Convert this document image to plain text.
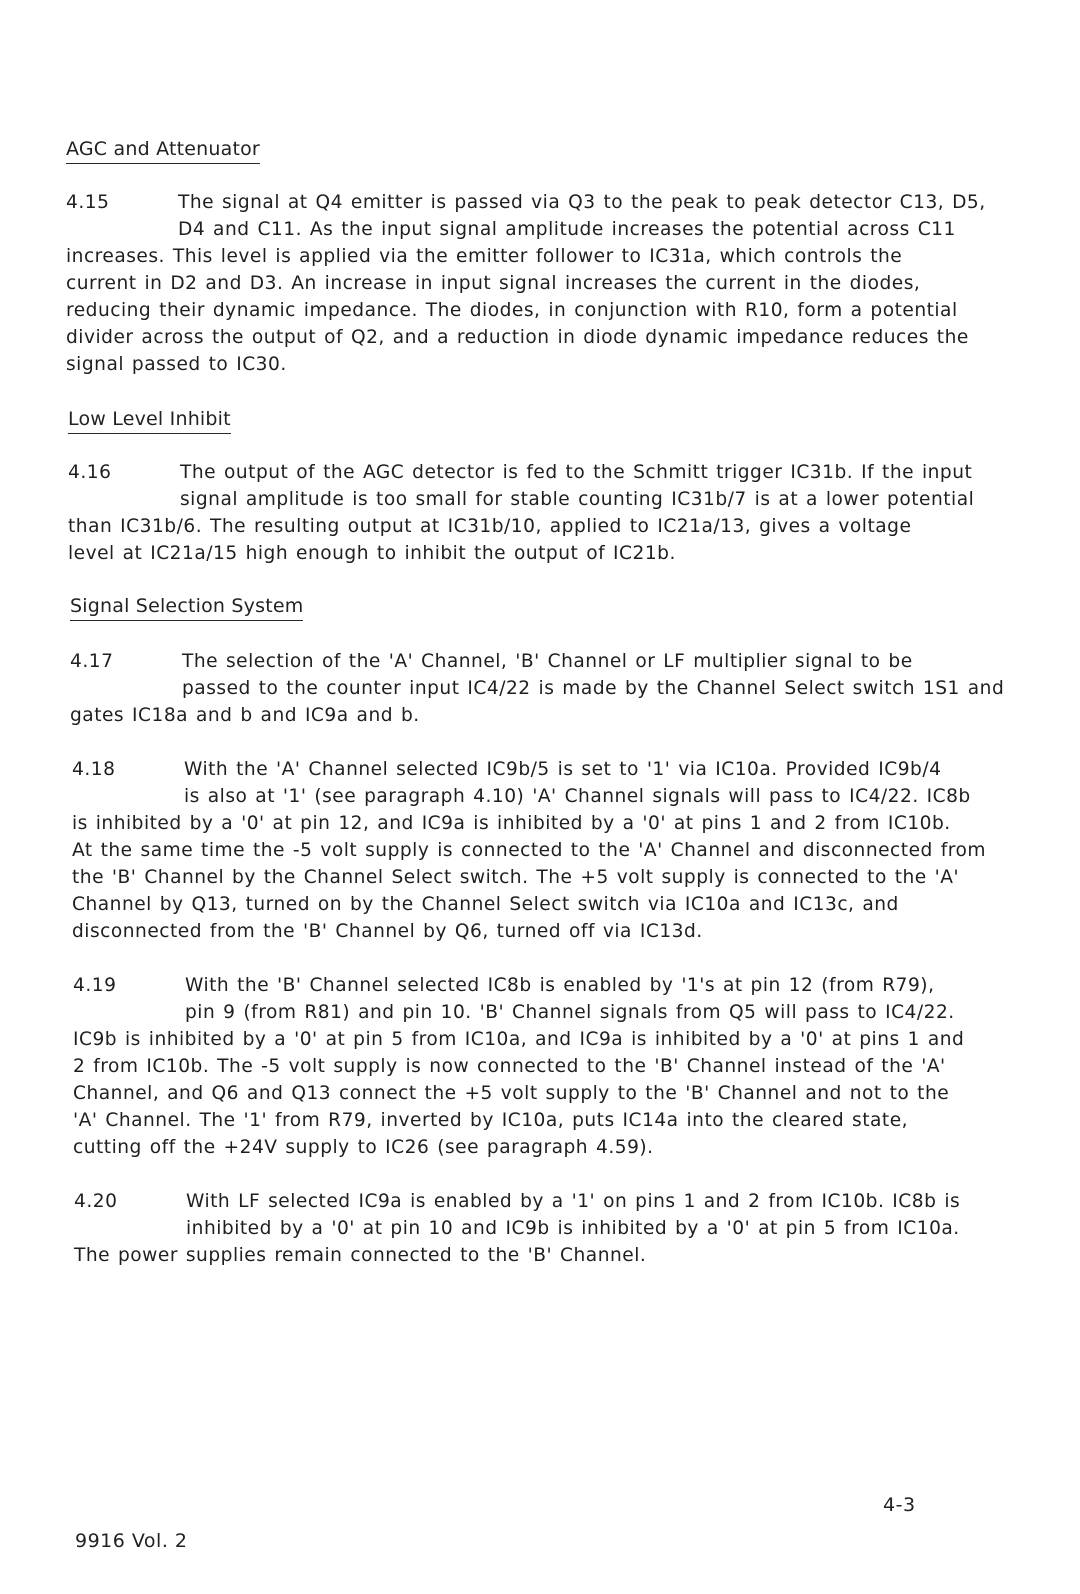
AGC and Attenuator
4.15	The signal at Q4 emitter is passed via Q3 to the peak to peak detector C13, D5,
D4 and C11. As the input signal amplitude increases the potential across C11
increases. This level is applied via the emitter follower to IC31a, which controls the
current in D2 and D3. An increase in input signal increases the current in the diodes,
reducing their dynamic impedance. The diodes, in conjunction with R10, form a potential
divider across the output of Q2, and a reduction in diode dynamic impedance reduces the
signal passed to IC30.
Low Level Inhibit
4.16	The output of the AGC detector is fed to the Schmitt trigger IC31b. If the input
signal amplitude is too small for stable counting IC31b/7 is at a lower potential
than IC31b/6. The resulting output at IC31b/10, applied to IC21a/13, gives a voltage
level at IC21a/15 high enough to inhibit the output of IC21b.
Signal Selection System
4.17	The selection of the 'A' Channel, 'B' Channel or LF multiplier signal to be
passed to the counter input IC4/22 is made by the Channel Select switch 1S1 and
gates IC18a and b and IC9a and b.
4.18	With the 'A' Channel selected IC9b/5 is set to '1' via IC10a. Provided IC9b/4
is also at '1' (see paragraph 4.10) 'A' Channel signals will pass to IC4/22. IC8b
is inhibited by a '0' at pin 12, and IC9a is inhibited by a '0' at pins 1 and 2 from IC10b.
At the same time the -5 volt supply is connected to the 'A' Channel and disconnected from
the 'B' Channel by the Channel Select switch. The +5 volt supply is connected to the 'A'
Channel by Q13, turned on by the Channel Select switch via IC10a and IC13c, and
disconnected from the 'B' Channel by Q6, turned off via IC13d.
4.19	With the 'B' Channel selected IC8b is enabled by '1's at pin 12 (from R79),
pin 9 (from R81) and pin 10. 'B' Channel signals from Q5 will pass to IC4/22.
IC9b is inhibited by a '0' at pin 5 from IC10a, and IC9a is inhibited by a '0' at pins 1 and
2 from IC10b. The -5 volt supply is now connected to the 'B' Channel instead of the 'A'
Channel, and Q6 and Q13 connect the +5 volt supply to the 'B' Channel and not to the
'A' Channel. The '1' from R79, inverted by IC10a, puts IC14a into the cleared state,
cutting off the +24V supply to IC26 (see paragraph 4.59).
4.20	With LF selected IC9a is enabled by a '1' on pins 1 and 2 from IC10b. IC8b is
inhibited by a '0' at pin 10 and IC9b is inhibited by a '0' at pin 5 from IC10a.
The power supplies remain connected to the 'B' Channel.
4-3
9916 Vol. 2
